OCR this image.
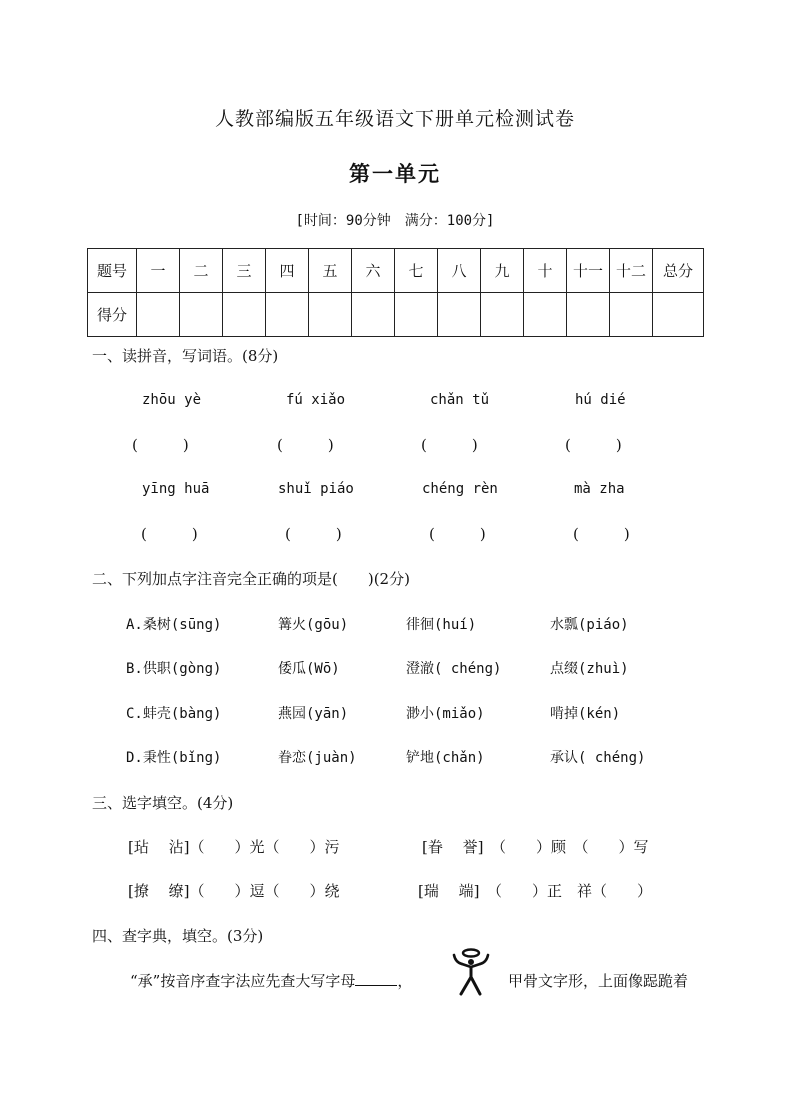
人教部编版五年级语文下册单元检测试卷
第一单元
[时间：90分钟　满分：100分]
题号	一	二	三	四	五	六	七	八	九	十	十一	十二	总分
得分													
一、读拼音，写词语。(8分)
zhōu yè	fú xiǎo	chǎn tǔ	hú dié
(　　　)	(　　　)	(　　　)	(　　　)
yīng huā	shuǐ piáo	chéng rèn	mà zha
(　　　)	(　　　)	(　　　)	(　　　)
二、下列加点字注音完全正确的项是(　　)(2分)
A.桑树(sūng)	篝火(gōu)	徘徊(huí)	水瓢(piáo)
B.供职(gòng)	倭瓜(Wō)	澄澈( chéng)	点缀(zhuì)
C.蚌壳(bàng)	燕园(yān)	渺小(miǎo)	啃掉(kén)
D.秉性(bǐng)	眷恋(juàn)	铲地(chǎn)	承认( chéng)
三、选字填空。(4分)
[玷　 沾]（　　）光（　　）污	[眷　 誉]　（　　）顾　（　　）写
[撩　 缭]（　　）逗（　　）绕	[瑞　 端]　（　　）正　祥（　　）
四、查字典，填空。(3分)
“承”按音序查字法应先查大写字母	，	甲骨文字形，上面像跽跪着
